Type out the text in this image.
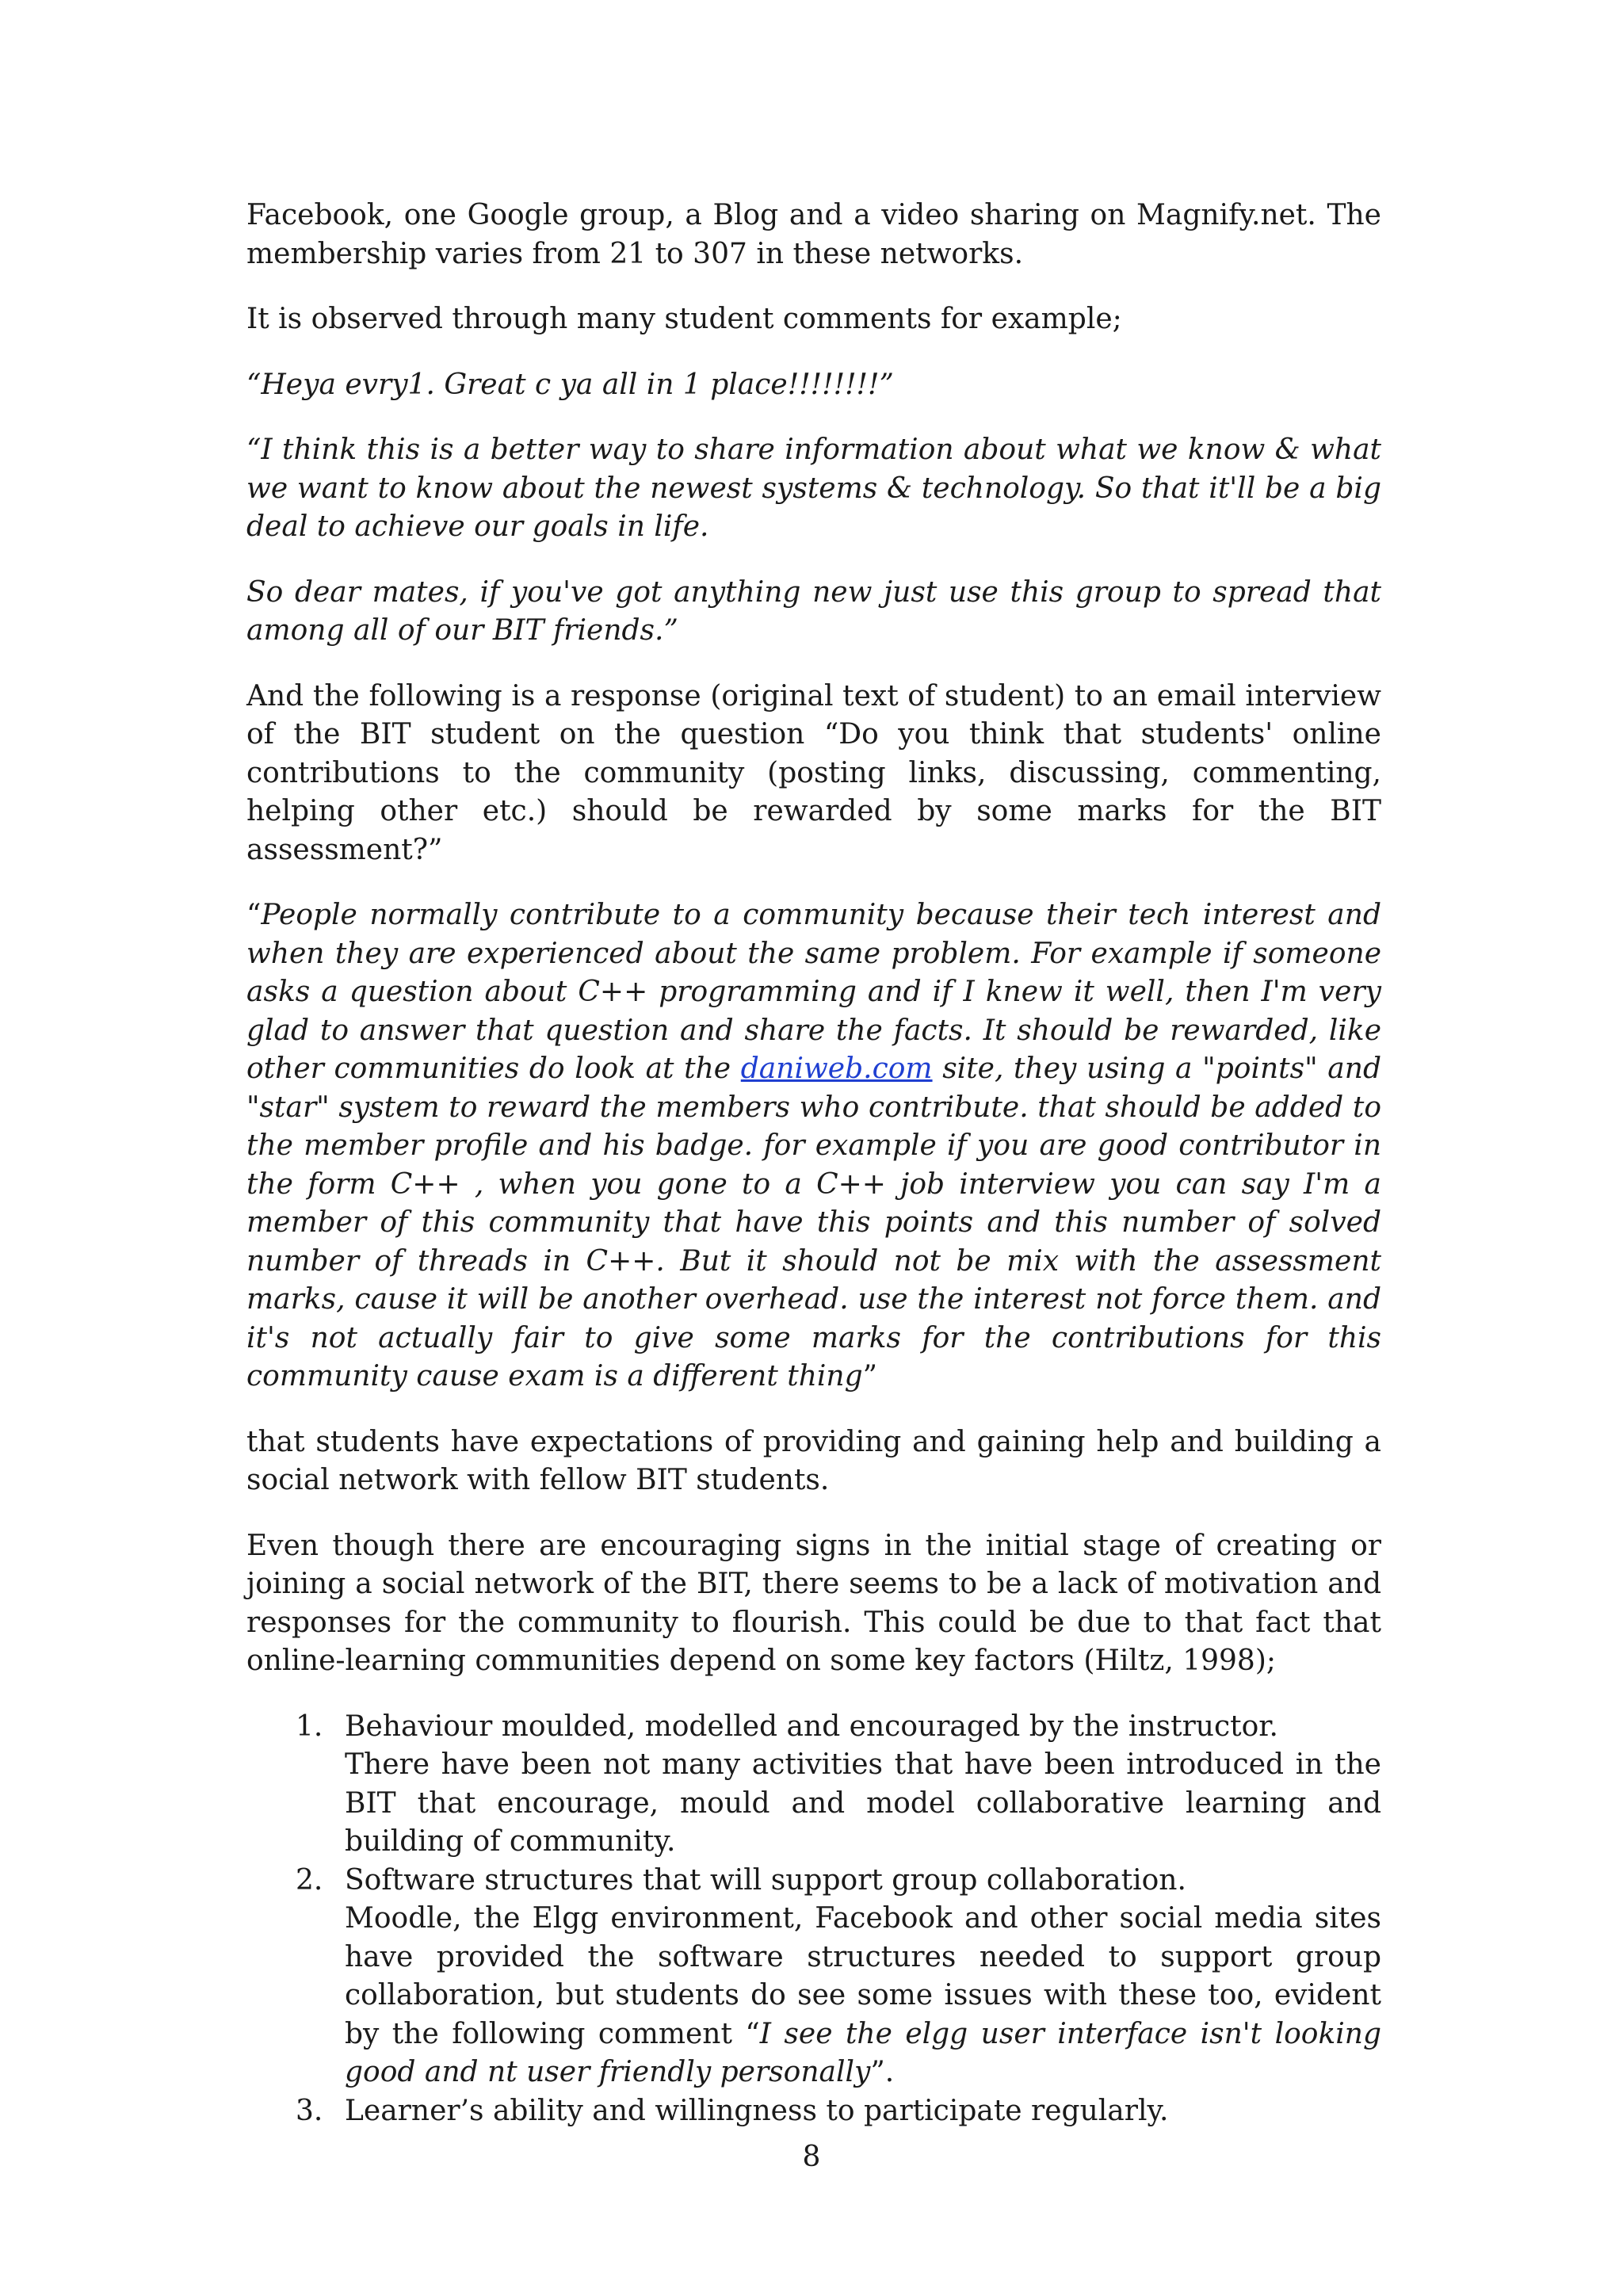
Facebook, one Google group, a Blog and a video sharing on Magnify.net. The membership varies from 21 to 307 in these networks.

It is observed through many student comments for example;

“Heya evry1. Great c ya all in 1 place!!!!!!!!”

“I think this is a better way to share information about what we know & what we want to know about the newest systems & technology. So that it'll be a big deal to achieve our goals in life.

So dear mates, if you've got anything new just use this group to spread that among all of our BIT friends.”

And the following is a response (original text of student) to an email interview of the BIT student on the question “Do you think that students' online contributions to the community (posting links, discussing, commenting, helping other etc.) should be rewarded by some marks for the BIT assessment?”

“People normally contribute to a community because their tech interest and when they are experienced about the same problem. For example if someone asks a question about C++ programming and if I knew it well, then I'm very glad to answer that question and share the facts. It should be rewarded, like other communities do look at the daniweb.com site, they using a "points" and "star" system to reward the members who contribute. that should be added to the member profile and his badge. for example if you are good contributor in the form C++ , when you gone to a C++ job interview you can say I'm a member of this community that have this points and this number of solved number of threads in C++. But it should not be mix with the assessment marks, cause it will be another overhead. use the interest not force them. and it's not actually fair to give some marks for the contributions for this community cause exam is a different thing”

that students have expectations of providing and gaining help and building a social network with fellow BIT students.

Even though there are encouraging signs in the initial stage of creating or joining a social network of the BIT, there seems to be a lack of motivation and responses for the community to flourish. This could be due to that fact that online-learning communities depend on some key factors (Hiltz, 1998);

1. Behaviour moulded, modelled and encouraged by the instructor.
There have been not many activities that have been introduced in the BIT that encourage, mould and model collaborative learning and building of community.
2. Software structures that will support group collaboration.
Moodle, the Elgg environment, Facebook and other social media sites have provided the software structures needed to support group collaboration, but students do see some issues with these too, evident by the following comment “I see the elgg user interface isn't looking good and nt user friendly personally”.
3. Learner’s ability and willingness to participate regularly.
8
